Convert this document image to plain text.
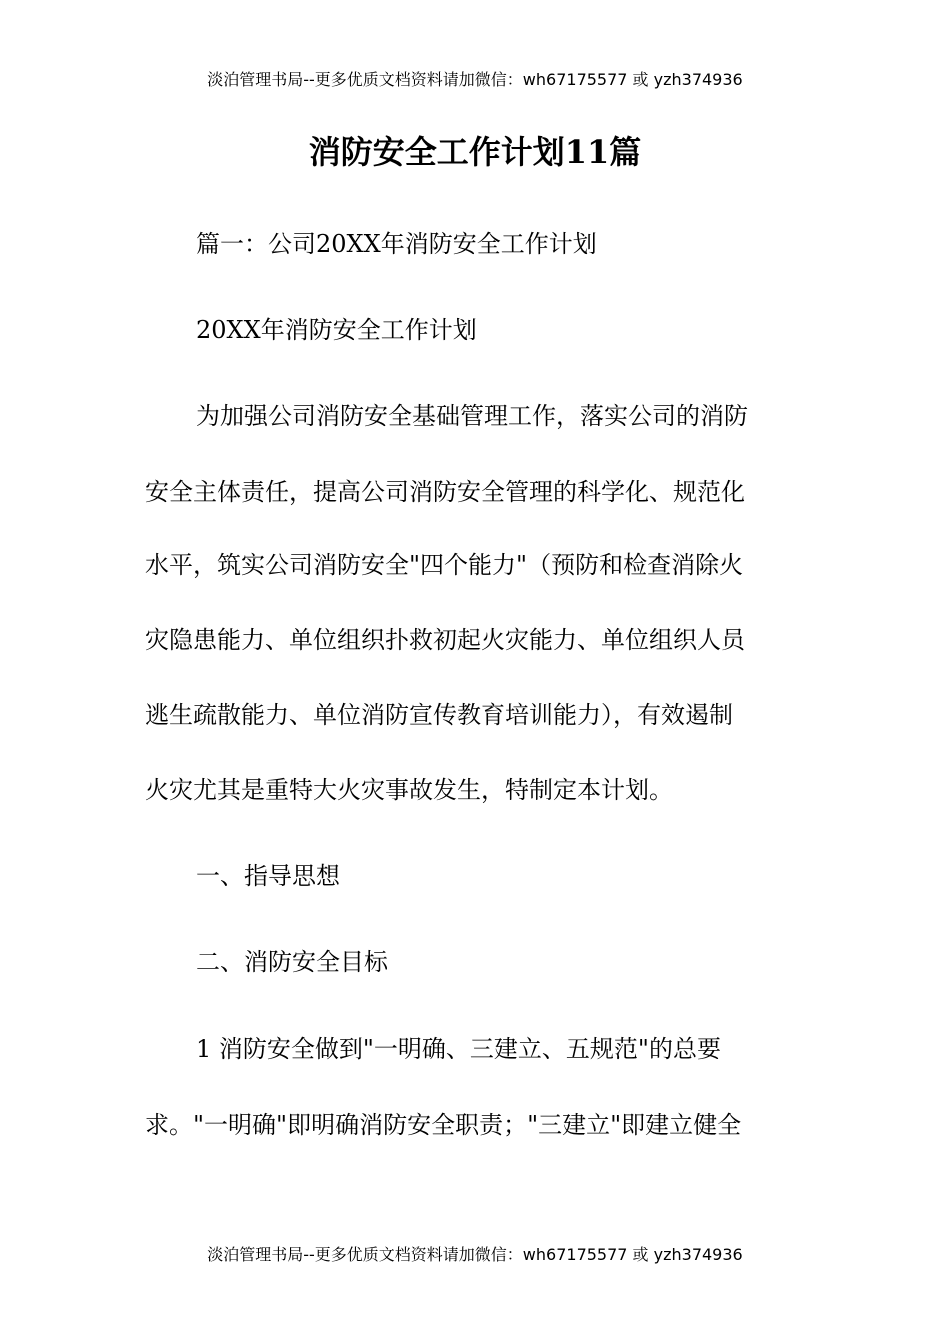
淡泊管理书局--更多优质文档资料请加微信：wh67175577 或 yzh374936
消防安全工作计划11篇
篇一：公司20XX年消防安全工作计划
20XX年消防安全工作计划
为加强公司消防安全基础管理工作，落实公司的消防
安全主体责任，提高公司消防安全管理的科学化、规范化
水平，筑实公司消防安全"四个能力"（预防和检查消除火
灾隐患能力、单位组织扑救初起火灾能力、单位组织人员
逃生疏散能力、单位消防宣传教育培训能力），有效遏制
火灾尤其是重特大火灾事故发生，特制定本计划。
一、指导思想
二、消防安全目标
1 消防安全做到"一明确、三建立、五规范"的总要
求。"一明确"即明确消防安全职责；"三建立"即建立健全
淡泊管理书局--更多优质文档资料请加微信：wh67175577 或 yzh374936
